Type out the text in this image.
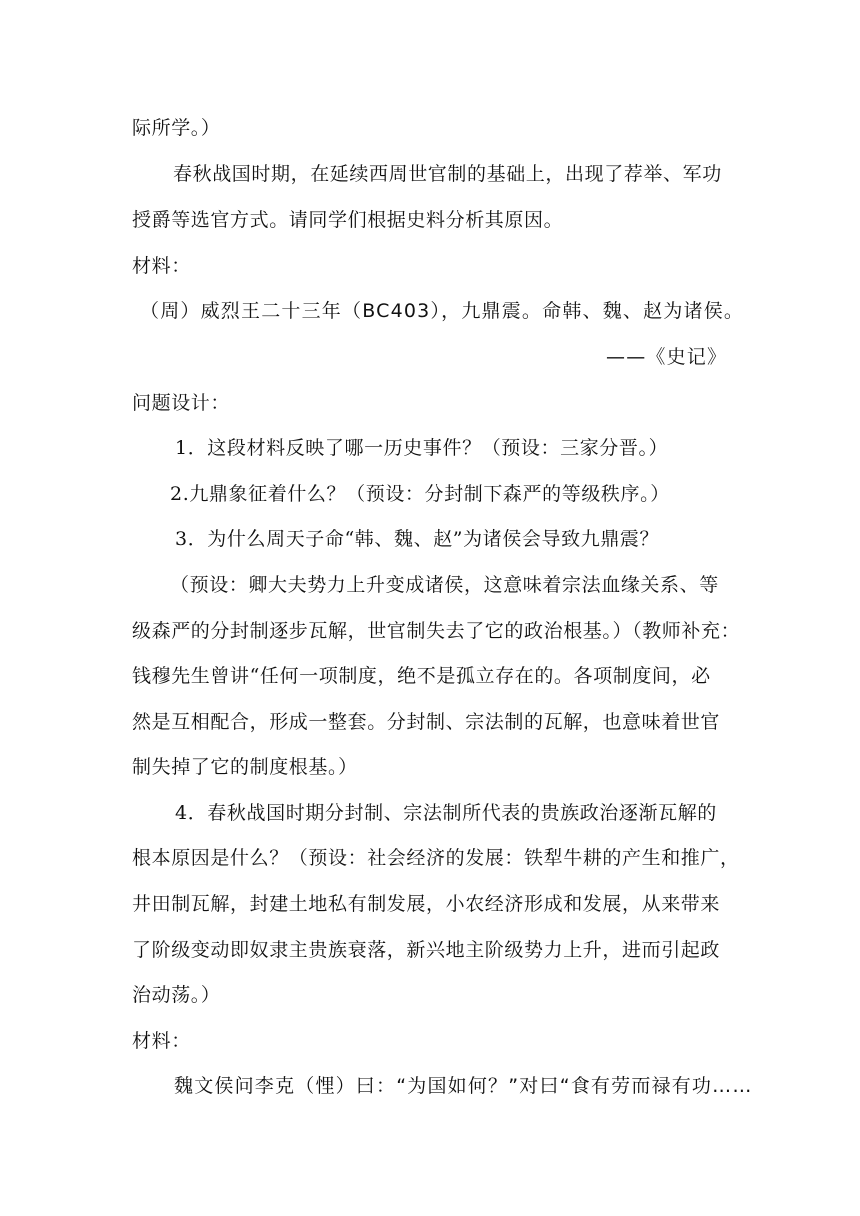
际所学。）
春秋战国时期，在延续西周世官制的基础上，出现了荐举、军功
授爵等选官方式。请同学们根据史料分析其原因。
材料：
（周）威烈王二十三年（BC403），九鼎震。命韩、魏、赵为诸侯。
——《史记》
问题设计：
1．这段材料反映了哪一历史事件？（预设：三家分晋。）
2.九鼎象征着什么？（预设：分封制下森严的等级秩序。）
3．为什么周天子命“韩、魏、赵”为诸侯会导致九鼎震？
（预设：卿大夫势力上升变成诸侯，这意味着宗法血缘关系、等
级森严的分封制逐步瓦解，世官制失去了它的政治根基。）（教师补充：
钱穆先生曾讲“任何一项制度，绝不是孤立存在的。各项制度间，必
然是互相配合，形成一整套。分封制、宗法制的瓦解，也意味着世官
制失掉了它的制度根基。）
4．春秋战国时期分封制、宗法制所代表的贵族政治逐渐瓦解的
根本原因是什么？（预设：社会经济的发展：铁犁牛耕的产生和推广，
井田制瓦解，封建土地私有制发展，小农经济形成和发展，从来带来
了阶级变动即奴隶主贵族衰落，新兴地主阶级势力上升，进而引起政
治动荡。）
材料：
魏文侯问李克（悝）曰：“为国如何？”对曰“食有劳而禄有功……
